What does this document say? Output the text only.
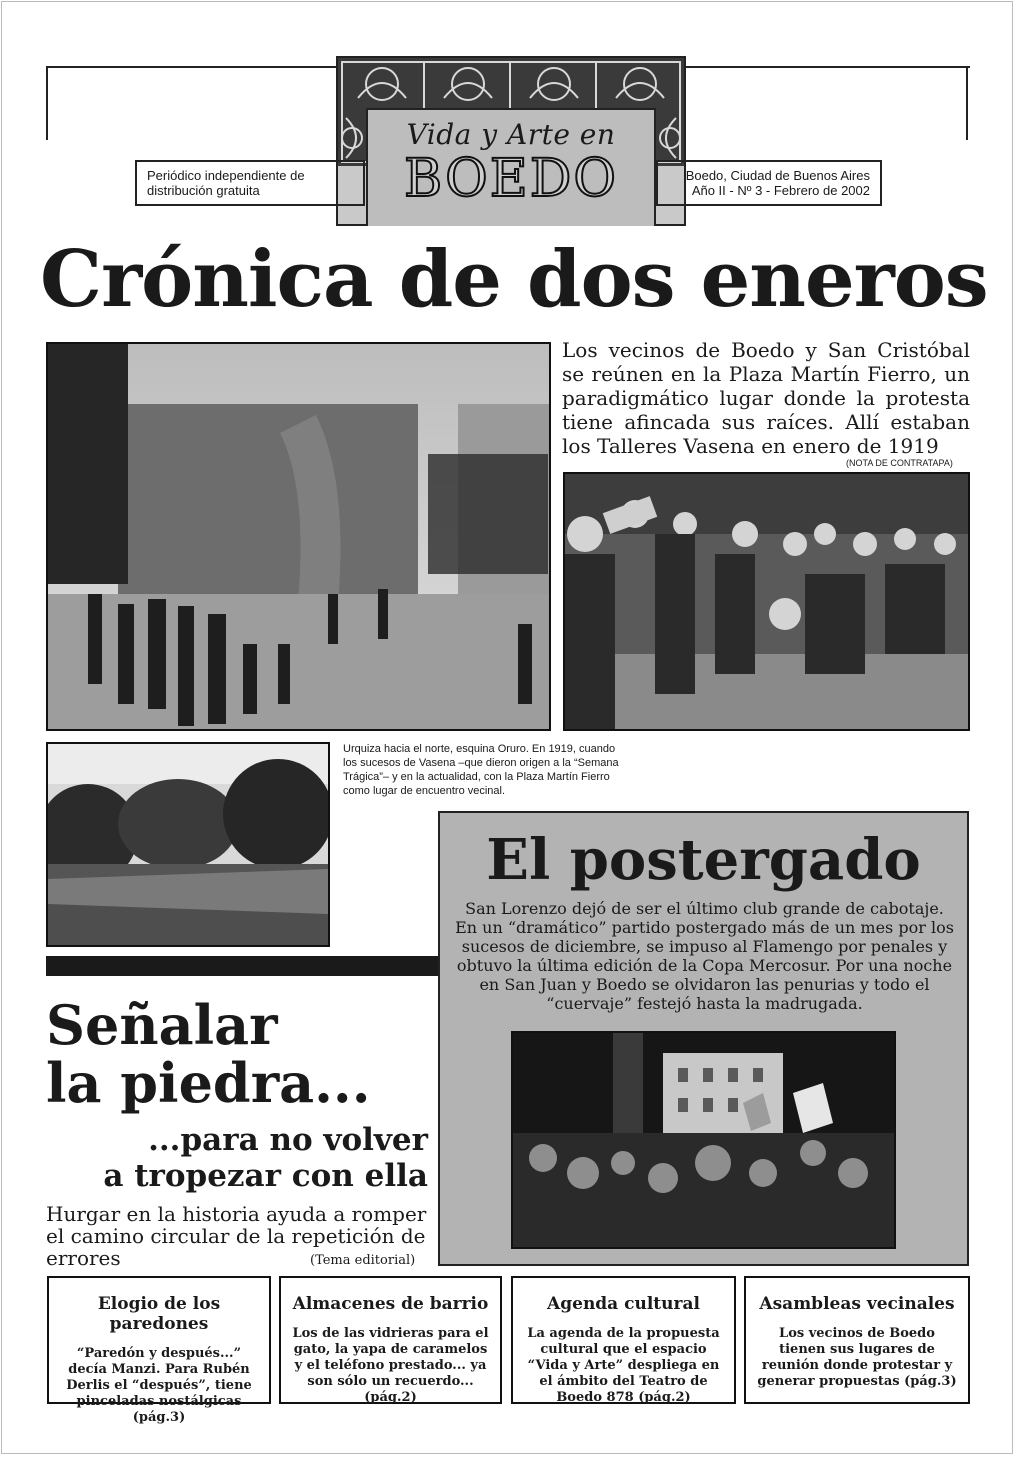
Vida y Arte en
BOEDO
Periódico independiente de
distribución gratuita
Boedo, Ciudad de Buenos Aires
Año II - Nº 3 - Febrero de 2002
Crónica de dos eneros
Los vecinos de Boedo y San Cristóbal se reúnen en la Plaza Martín Fierro, un paradigmático lugar donde la protesta tiene afincada sus raíces. Allí estaban los Talleres Vasena en enero de 1919
(NOTA DE CONTRATAPA)
Urquiza hacia el norte, esquina Oruro. En 1919, cuando los sucesos de Vasena –que dieron origen a la “Semana Trágica”– y en la actualidad, con la Plaza Martín Fierro como lugar de encuentro vecinal.
El postergado
San Lorenzo dejó de ser el último club grande de cabotaje. En un “dramático” partido postergado más de un mes por los sucesos de diciembre, se impuso al Flamengo por penales y obtuvo la última edición de la Copa Mercosur. Por una noche en San Juan y Boedo se olvidaron las penurias y todo el “cuervaje” festejó hasta la madrugada.
Señalar
la piedra...
...para no volver
a tropezar con ella
Hurgar en la historia ayuda a romper el camino circular de la repetición de errores	(Tema editorial)
Elogio de los paredones
“Paredón y después...” decía Manzi. Para Rubén Derlis el “después”, tiene pinceladas nostálgicas (pág.3)
Almacenes de barrio
Los de las vidrieras para el gato, la yapa de caramelos y el teléfono prestado... ya son sólo un recuerdo...(pág.2)
Agenda cultural
La agenda de la propuesta cultural que el espacio “Vida y Arte” despliega en el ámbito del Teatro de Boedo 878 (pág.2)
Asambleas vecinales
Los vecinos de Boedo tienen sus lugares de reunión donde protestar y generar propuestas (pág.3)
